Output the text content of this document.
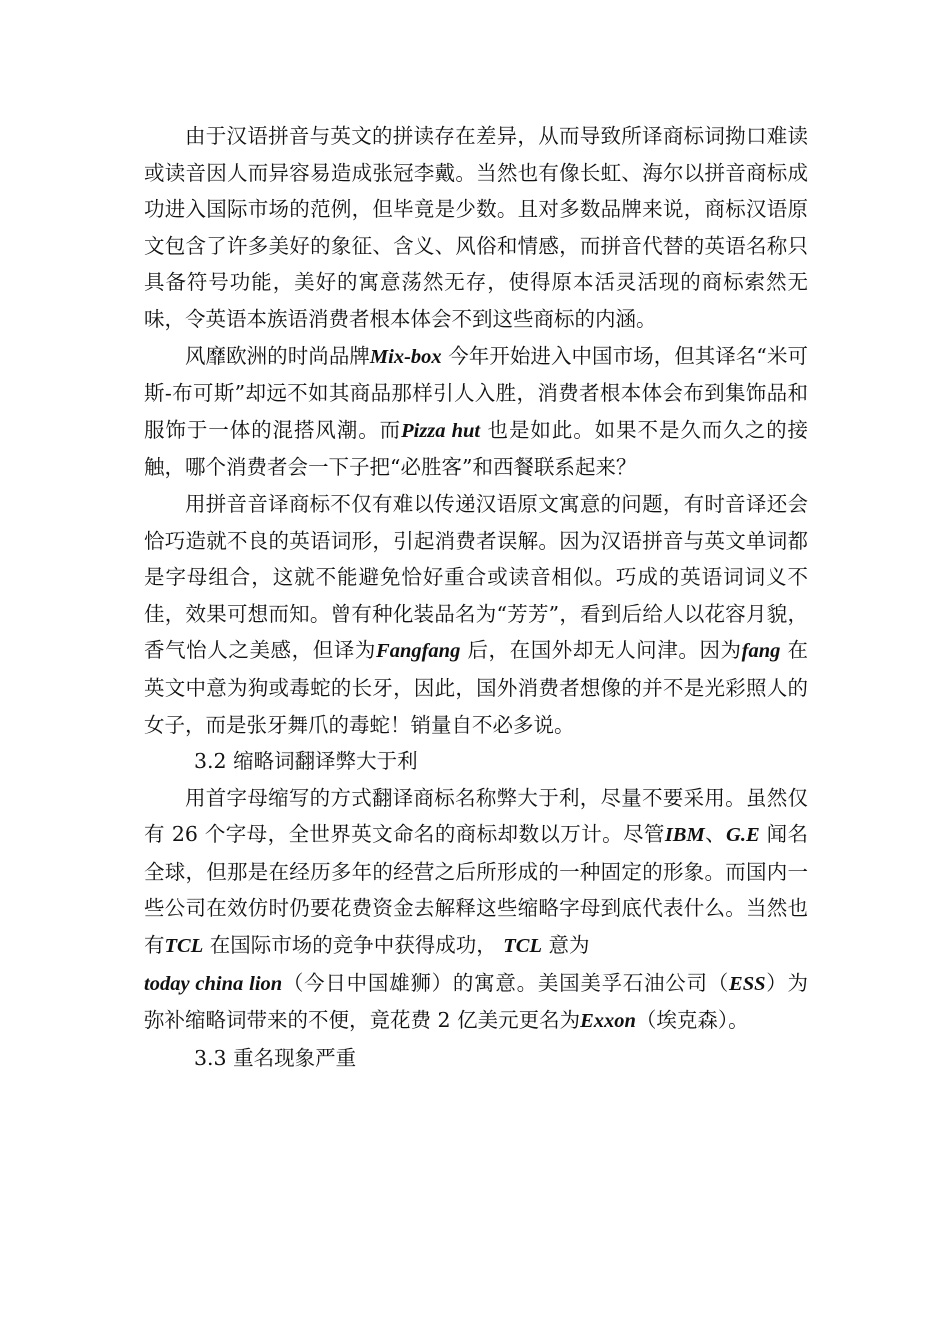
由于汉语拼音与英文的拼读存在差异，从而导致所译商标词拗口难读或读音因人而异容易造成张冠李戴。当然也有像长虹、海尔以拼音商标成功进入国际市场的范例，但毕竟是少数。且对多数品牌来说，商标汉语原文包含了许多美好的象征、含义、风俗和情感，而拼音代替的英语名称只具备符号功能，美好的寓意荡然无存，使得原本活灵活现的商标索然无味，令英语本族语消费者根本体会不到这些商标的内涵。

风靡欧洲的时尚品牌Mix-box 今年开始进入中国市场，但其译名“米可斯-布可斯”却远不如其商品那样引人入胜，消费者根本体会布到集饰品和服饰于一体的混搭风潮。而Pizza hut 也是如此。如果不是久而久之的接触，哪个消费者会一下子把“必胜客”和西餐联系起来？

用拼音音译商标不仅有难以传递汉语原文寓意的问题，有时音译还会恰巧造就不良的英语词形，引起消费者误解。因为汉语拼音与英文单词都是字母组合，这就不能避免恰好重合或读音相似。巧成的英语词词义不佳，效果可想而知。曾有种化装品名为“芳芳”，看到后给人以花容月貌，香气怡人之美感，但译为Fangfang 后，在国外却无人问津。因为fang 在英文中意为狗或毒蛇的长牙，因此，国外消费者想像的并不是光彩照人的女子，而是张牙舞爪的毒蛇！销量自不必多说。

3.2 缩略词翻译弊大于利

用首字母缩写的方式翻译商标名称弊大于利，尽量不要采用。虽然仅有 26 个字母，全世界英文命名的商标却数以万计。尽管IBM、G.E 闻名全球，但那是在经历多年的经营之后所形成的一种固定的形象。而国内一些公司在效仿时仍要花费资金去解释这些缩略字母到底代表什么。当然也有TCL 在国际市场的竞争中获得成功， TCL 意为
today china lion（今日中国雄狮）的寓意。美国美孚石油公司（ESS）为弥补缩略词带来的不便，竟花费 2 亿美元更名为Exxon（埃克森）。

3.3 重名现象严重
